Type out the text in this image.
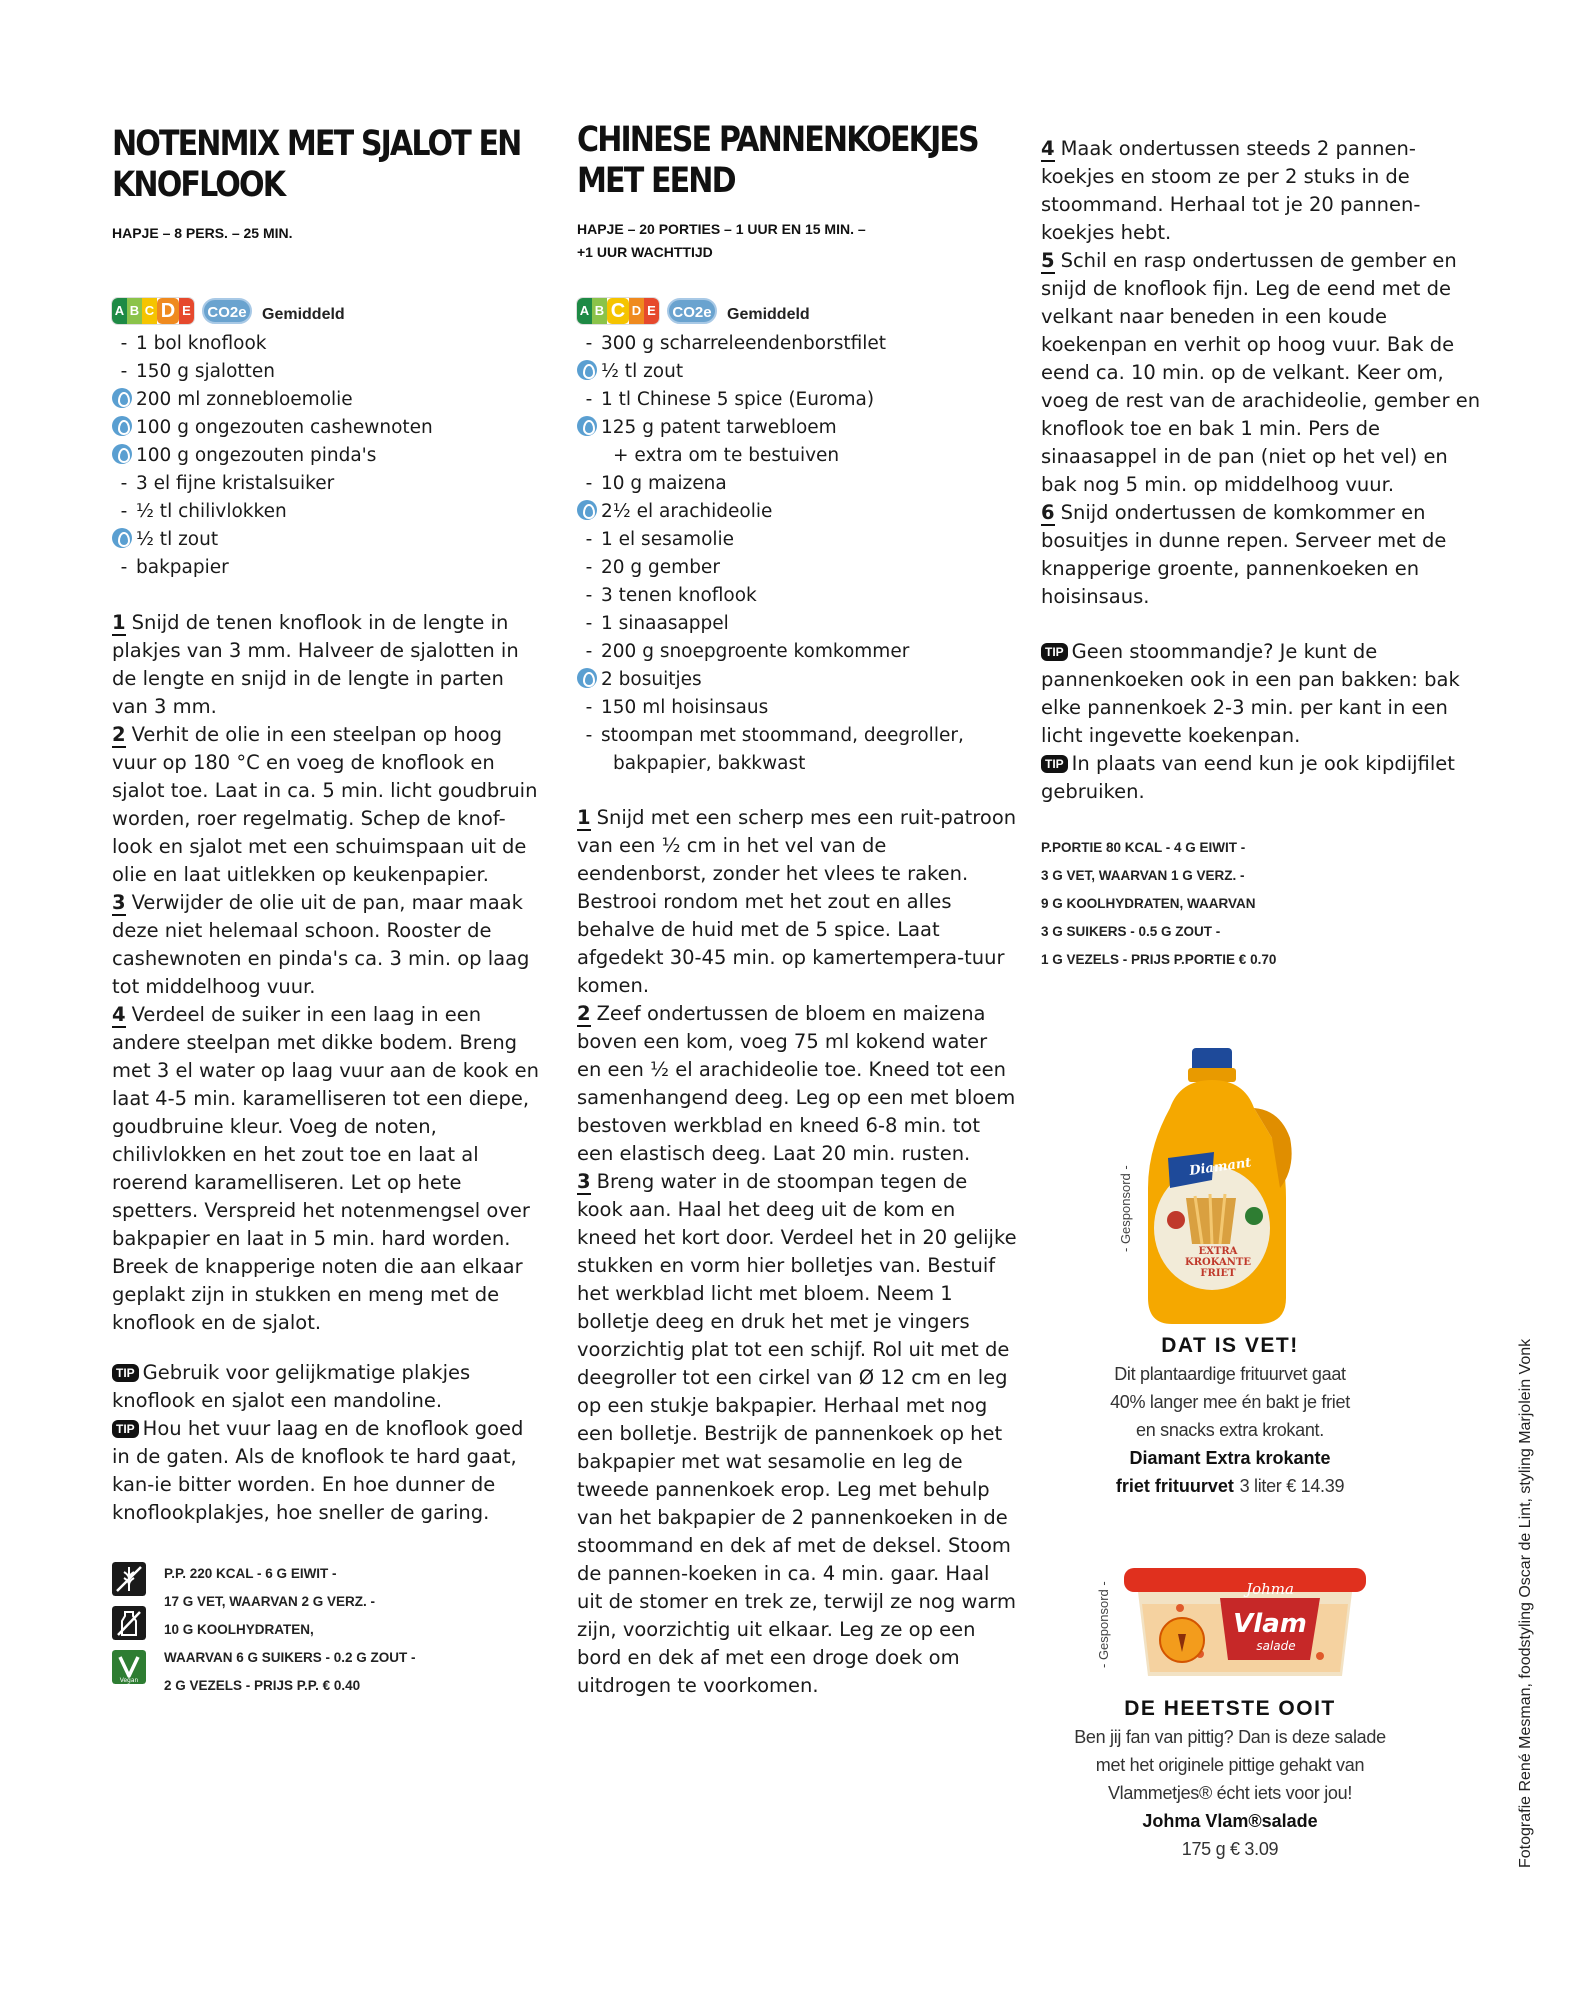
NOTENMIX MET SJALOT EN
KNOFLOOK
HAPJE – 8 PERS. – 25 MIN.
A B C D E	CO2e Gemiddeld
- 1 bol knoflook
- 150 g sjalotten
200 ml zonnebloemolie
100 g ongezouten cashewnoten
100 g ongezouten pinda's
- 3 el fijne kristalsuiker
- ½ tl chilivlokken
½ tl zout
- bakpapier

1 Snijd de tenen knoflook in de lengte in plakjes van 3 mm. Halveer de sjalotten in de lengte en snijd in de lengte in parten van 3 mm.

2 Verhit de olie in een steelpan op hoog vuur op 180 °C en voeg de knoflook en sjalot toe. Laat in ca. 5 min. licht goudbruin worden, roer regelmatig. Schep de knof-look en sjalot met een schuimspaan uit de olie en laat uitlekken op keukenpapier.

3 Verwijder de olie uit de pan, maar maak deze niet helemaal schoon. Rooster de cashewnoten en pinda's ca. 3 min. op laag tot middelhoog vuur.

4 Verdeel de suiker in een laag in een andere steelpan met dikke bodem. Breng met 3 el water op laag vuur aan de kook en laat 4-5 min. karamelliseren tot een diepe, goudbruine kleur. Voeg de noten, chilivlokken en het zout toe en laat al roerend karamelliseren. Let op hete spetters. Verspreid het notenmengsel over bakpapier en laat in 5 min. hard worden. Breek de knapperige noten die aan elkaar geplakt zijn in stukken en meng met de knoflook en de sjalot.

TIP Gebruik voor gelijkmatige plakjes knoflook en sjalot een mandoline.

TIP Hou het vuur laag en de knoflook goed in de gaten. Als de knoflook te hard gaat, kan-ie bitter worden. En hoe dunner de knoflookplakjes, hoe sneller de garing.

Vegan
P.P. 220 KCAL - 6 G EIWIT -
17 G VET, WAARVAN 2 G VERZ. -
10 G KOOLHYDRATEN,
WAARVAN 6 G SUIKERS - 0.2 G ZOUT -
2 G VEZELS - PRIJS P.P. € 0.40
CHINESE PANNENKOEKJES
MET EEND
HAPJE – 20 PORTIES – 1 UUR EN 15 MIN. –
+1 UUR WACHTTIJD
A B C D E	CO2e Gemiddeld
- 300 g scharreleendenborstfilet
½ tl zout
- 1 tl Chinese 5 spice (Euroma)
125 g patent tarwebloem
+ extra om te bestuiven
- 10 g maizena
2½ el arachideolie
- 1 el sesamolie
- 20 g gember
- 3 tenen knoflook
- 1 sinaasappel
- 200 g snoepgroente komkommer
2 bosuitjes
- 150 ml hoisinsaus
- stoompan met stoommand, deegroller,
bakpapier, bakkwast

1 Snijd met een scherp mes een ruit-patroon van een ½ cm in het vel van de eendenborst, zonder het vlees te raken. Bestrooi rondom met het zout en alles behalve de huid met de 5 spice. Laat afgedekt 30-45 min. op kamertempera-tuur komen.

2 Zeef ondertussen de bloem en maizena boven een kom, voeg 75 ml kokend water en een ½ el arachideolie toe. Kneed tot een samenhangend deeg. Leg op een met bloem bestoven werkblad en kneed 6-8 min. tot een elastisch deeg. Laat 20 min. rusten.

3 Breng water in de stoompan tegen de kook aan. Haal het deeg uit de kom en kneed het kort door. Verdeel het in 20 gelijke stukken en vorm hier bolletjes van. Bestuif het werkblad licht met bloem. Neem 1 bolletje deeg en druk het met je vingers voorzichtig plat tot een schijf. Rol uit met de deegroller tot een cirkel van Ø 12 cm en leg op een stukje bakpapier. Herhaal met nog een bolletje. Bestrijk de pannenkoek op het bakpapier met wat sesamolie en leg de tweede pannenkoek erop. Leg met behulp van het bakpapier de 2 pannenkoeken in de stoommand en dek af met de deksel. Stoom de pannen-koeken in ca. 4 min. gaar. Haal uit de stomer en trek ze, terwijl ze nog warm zijn, voorzichtig uit elkaar. Leg ze op een bord en dek af met een droge doek om uitdrogen te voorkomen.

4 Maak ondertussen steeds 2 pannen-koekjes en stoom ze per 2 stuks in de stoommand. Herhaal tot je 20 pannen-koekjes hebt.

5 Schil en rasp ondertussen de gember en snijd de knoflook fijn. Leg de eend met de velkant naar beneden in een koude koekenpan en verhit op hoog vuur. Bak de eend ca. 10 min. op de velkant. Keer om, voeg de rest van de arachideolie, gember en knoflook toe en bak 1 min. Pers de sinaasappel in de pan (niet op het vel) en bak nog 5 min. op middelhoog vuur.

6 Snijd ondertussen de komkommer en bosuitjes in dunne repen. Serveer met de knapperige groente, pannenkoeken en hoisinsaus.

TIP Geen stoommandje? Je kunt de pannenkoeken ook in een pan bakken: bak elke pannenkoek 2-3 min. per kant in een licht ingevette koekenpan.

TIP In plaats van eend kun je ook kipdijfilet gebruiken.

P.PORTIE 80 KCAL - 4 G EIWIT -
3 G VET, WAARVAN 1 G VERZ. -
9 G KOOLHYDRATEN, WAARVAN
3 G SUIKERS - 0.5 G ZOUT -
1 G VEZELS - PRIJS P.PORTIE € 0.70
- Gesponsord -	Diamant
EXTRA
KROKANTE
FRIET
DAT IS VET!
Dit plantaardige frituurvet gaat
40% langer mee én bakt je friet
en snacks extra krokant.
Diamant Extra krokante
friet frituurvet 3 liter € 14.39
- Gesponsord -	Johma
Vlam
salade
DE HEETSTE OOIT
Ben jij fan van pittig? Dan is deze salade
met het originele pittige gehakt van
Vlammetjes® écht iets voor jou!
Johma Vlam®salade
175 g € 3.09	Fotografie René Mesman, foodstyling Oscar de Lint, styling Marjolein Vonk
